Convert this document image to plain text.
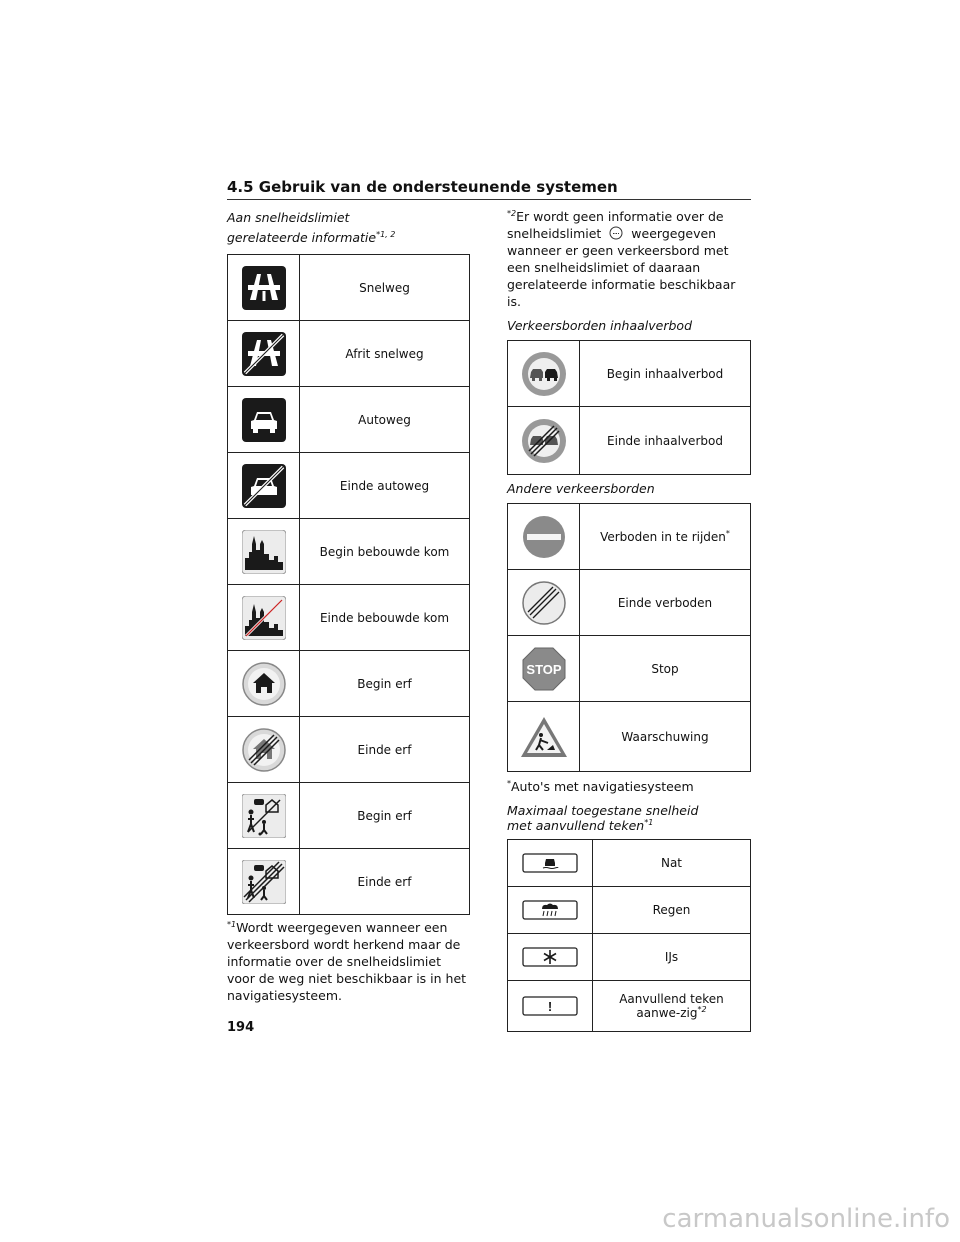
4.5 Gebruik van de ondersteunende systemen

Aan snelheidslimiet gerelateerde informatie$^{*1, 2}$

	Snelweg
	Afrit snelweg
	Autoweg
	Einde autoweg
	Begin bebouwde kom
	Einde bebouwde kom
	Begin erf
	Einde erf
	Begin erf
	Einde erf

$^{*1}$Wordt weergegeven wanneer een verkeersbord wordt herkend maar de informatie over de snelheidslimiet voor de weg niet beschikbaar is in het navigatiesysteem.

$^{*2}$Er wordt geen informatie over de snelheidslimiet weergegeven wanneer er geen verkeersbord met een snelheidslimiet of daaraan gerelateerde informatie beschikbaar is.

Verkeersborden inhaalverbod

	Begin inhaalverbod
	Einde inhaalverbod

Andere verkeersborden

	Verboden in te rijden*
	Einde verboden

STOP	Stop
	Waarschuwing

*Auto's met navigatiesysteem

Maximaal toegestane snelheid met aanvullend teken$^{*1}$

	Nat
	Regen
	IJs

!	Aanvullend teken aanwe-zig$^{*2}$
194
carmanualsonline.info
